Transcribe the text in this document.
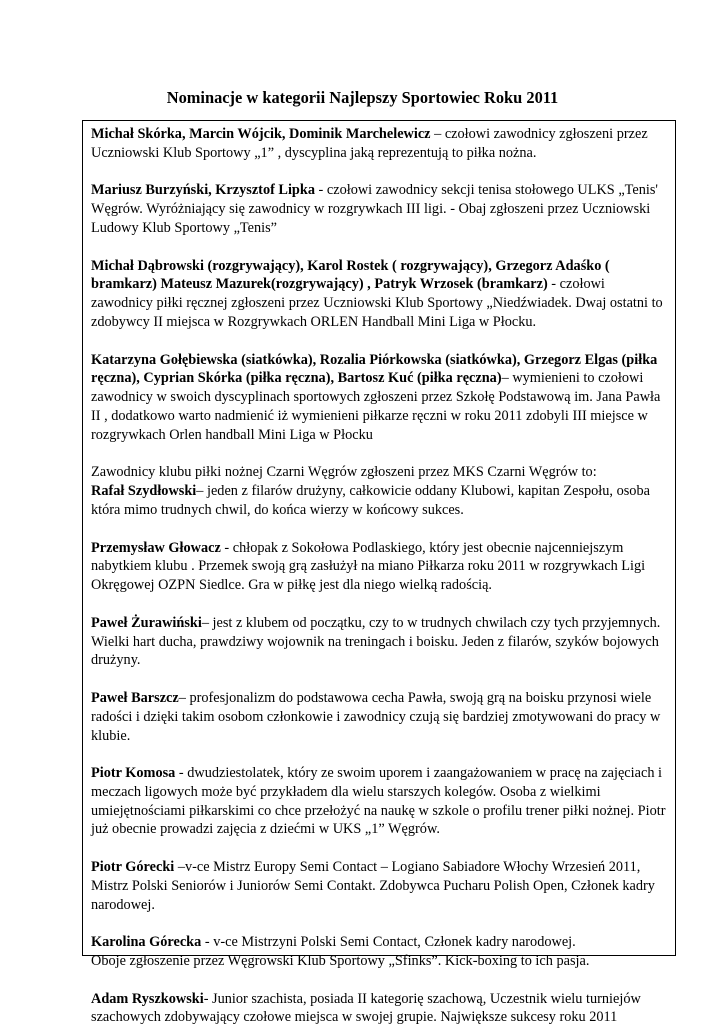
Nominacje w kategorii Najlepszy Sportowiec Roku 2011

Michał Skórka, Marcin Wójcik, Dominik Marchelewicz – czołowi zawodnicy zgłoszeni przez Uczniowski Klub Sportowy „1” , dyscyplina jaką reprezentują to piłka nożna.

Mariusz Burzyński, Krzysztof Lipka - czołowi zawodnicy sekcji tenisa stołowego ULKS „Tenis' Węgrów. Wyróżniający się zawodnicy w rozgrywkach III ligi. - Obaj zgłoszeni przez Uczniowski Ludowy Klub Sportowy „Tenis”

Michał Dąbrowski (rozgrywający), Karol Rostek ( rozgrywający), Grzegorz Adaśko ( bramkarz) Mateusz Mazurek(rozgrywający) , Patryk Wrzosek (bramkarz) - czołowi zawodnicy piłki ręcznej zgłoszeni przez Uczniowski Klub Sportowy „Niedźwiadek. Dwaj ostatni to zdobywcy II miejsca w Rozgrywkach ORLEN Handball Mini Liga w Płocku.

Katarzyna Gołębiewska (siatkówka), Rozalia Piórkowska (siatkówka), Grzegorz Elgas (piłka ręczna), Cyprian Skórka (piłka ręczna), Bartosz Kuć (piłka ręczna)– wymienieni to czołowi zawodnicy w swoich dyscyplinach sportowych zgłoszeni przez Szkołę Podstawową im. Jana Pawła II , dodatkowo warto nadmienić iż wymienieni piłkarze ręczni w roku 2011 zdobyli III miejsce w rozgrywkach Orlen handball Mini Liga w Płocku

Zawodnicy klubu piłki nożnej Czarni Węgrów zgłoszeni przez MKS Czarni Węgrów to:
Rafał Szydłowski– jeden z filarów drużyny, całkowicie oddany Klubowi, kapitan Zespołu, osoba która mimo trudnych chwil, do końca wierzy w końcowy sukces.

Przemysław Głowacz - chłopak z Sokołowa Podlaskiego, który jest obecnie najcenniejszym nabytkiem klubu . Przemek swoją grą zasłużył na miano Piłkarza roku 2011 w rozgrywkach Ligi Okręgowej OZPN Siedlce. Gra w piłkę jest dla niego wielką radością.

Paweł Żurawiński– jest z klubem od początku, czy to w trudnych chwilach czy tych przyjemnych. Wielki hart ducha, prawdziwy wojownik na treningach i boisku. Jeden z filarów, szyków bojowych drużyny.

Paweł Barszcz– profesjonalizm do podstawowa cecha Pawła, swoją grą na boisku przynosi wiele radości i dzięki takim osobom członkowie i zawodnicy czują się bardziej zmotywowani do pracy w klubie.

Piotr Komosa - dwudziestolatek, który ze swoim uporem i zaangażowaniem w pracę na zajęciach i meczach ligowych może być przykładem dla wielu starszych kolegów. Osoba z wielkimi umiejętnościami piłkarskimi co chce przełożyć na naukę w szkole o profilu trener piłki nożnej. Piotr już obecnie prowadzi zajęcia z dziećmi w UKS „1” Węgrów.

Piotr Górecki –v-ce Mistrz Europy Semi Contact – Logiano Sabiadore Włochy Wrzesień 2011, Mistrz Polski Seniorów i Juniorów Semi Contakt. Zdobywca Pucharu Polish Open, Członek kadry narodowej.

Karolina Górecka - v-ce Mistrzyni Polski Semi Contact, Członek kadry narodowej.
Oboje zgłoszenie przez Węgrowski Klub Sportowy „Sfinks”. Kick-boxing to ich pasja.

Adam Ryszkowski- Junior szachista, posiada II kategorię szachową, Uczestnik wielu turniejów szachowych zdobywający czołowe miejsca w swojej grupie. Największe sukcesy roku 2011
